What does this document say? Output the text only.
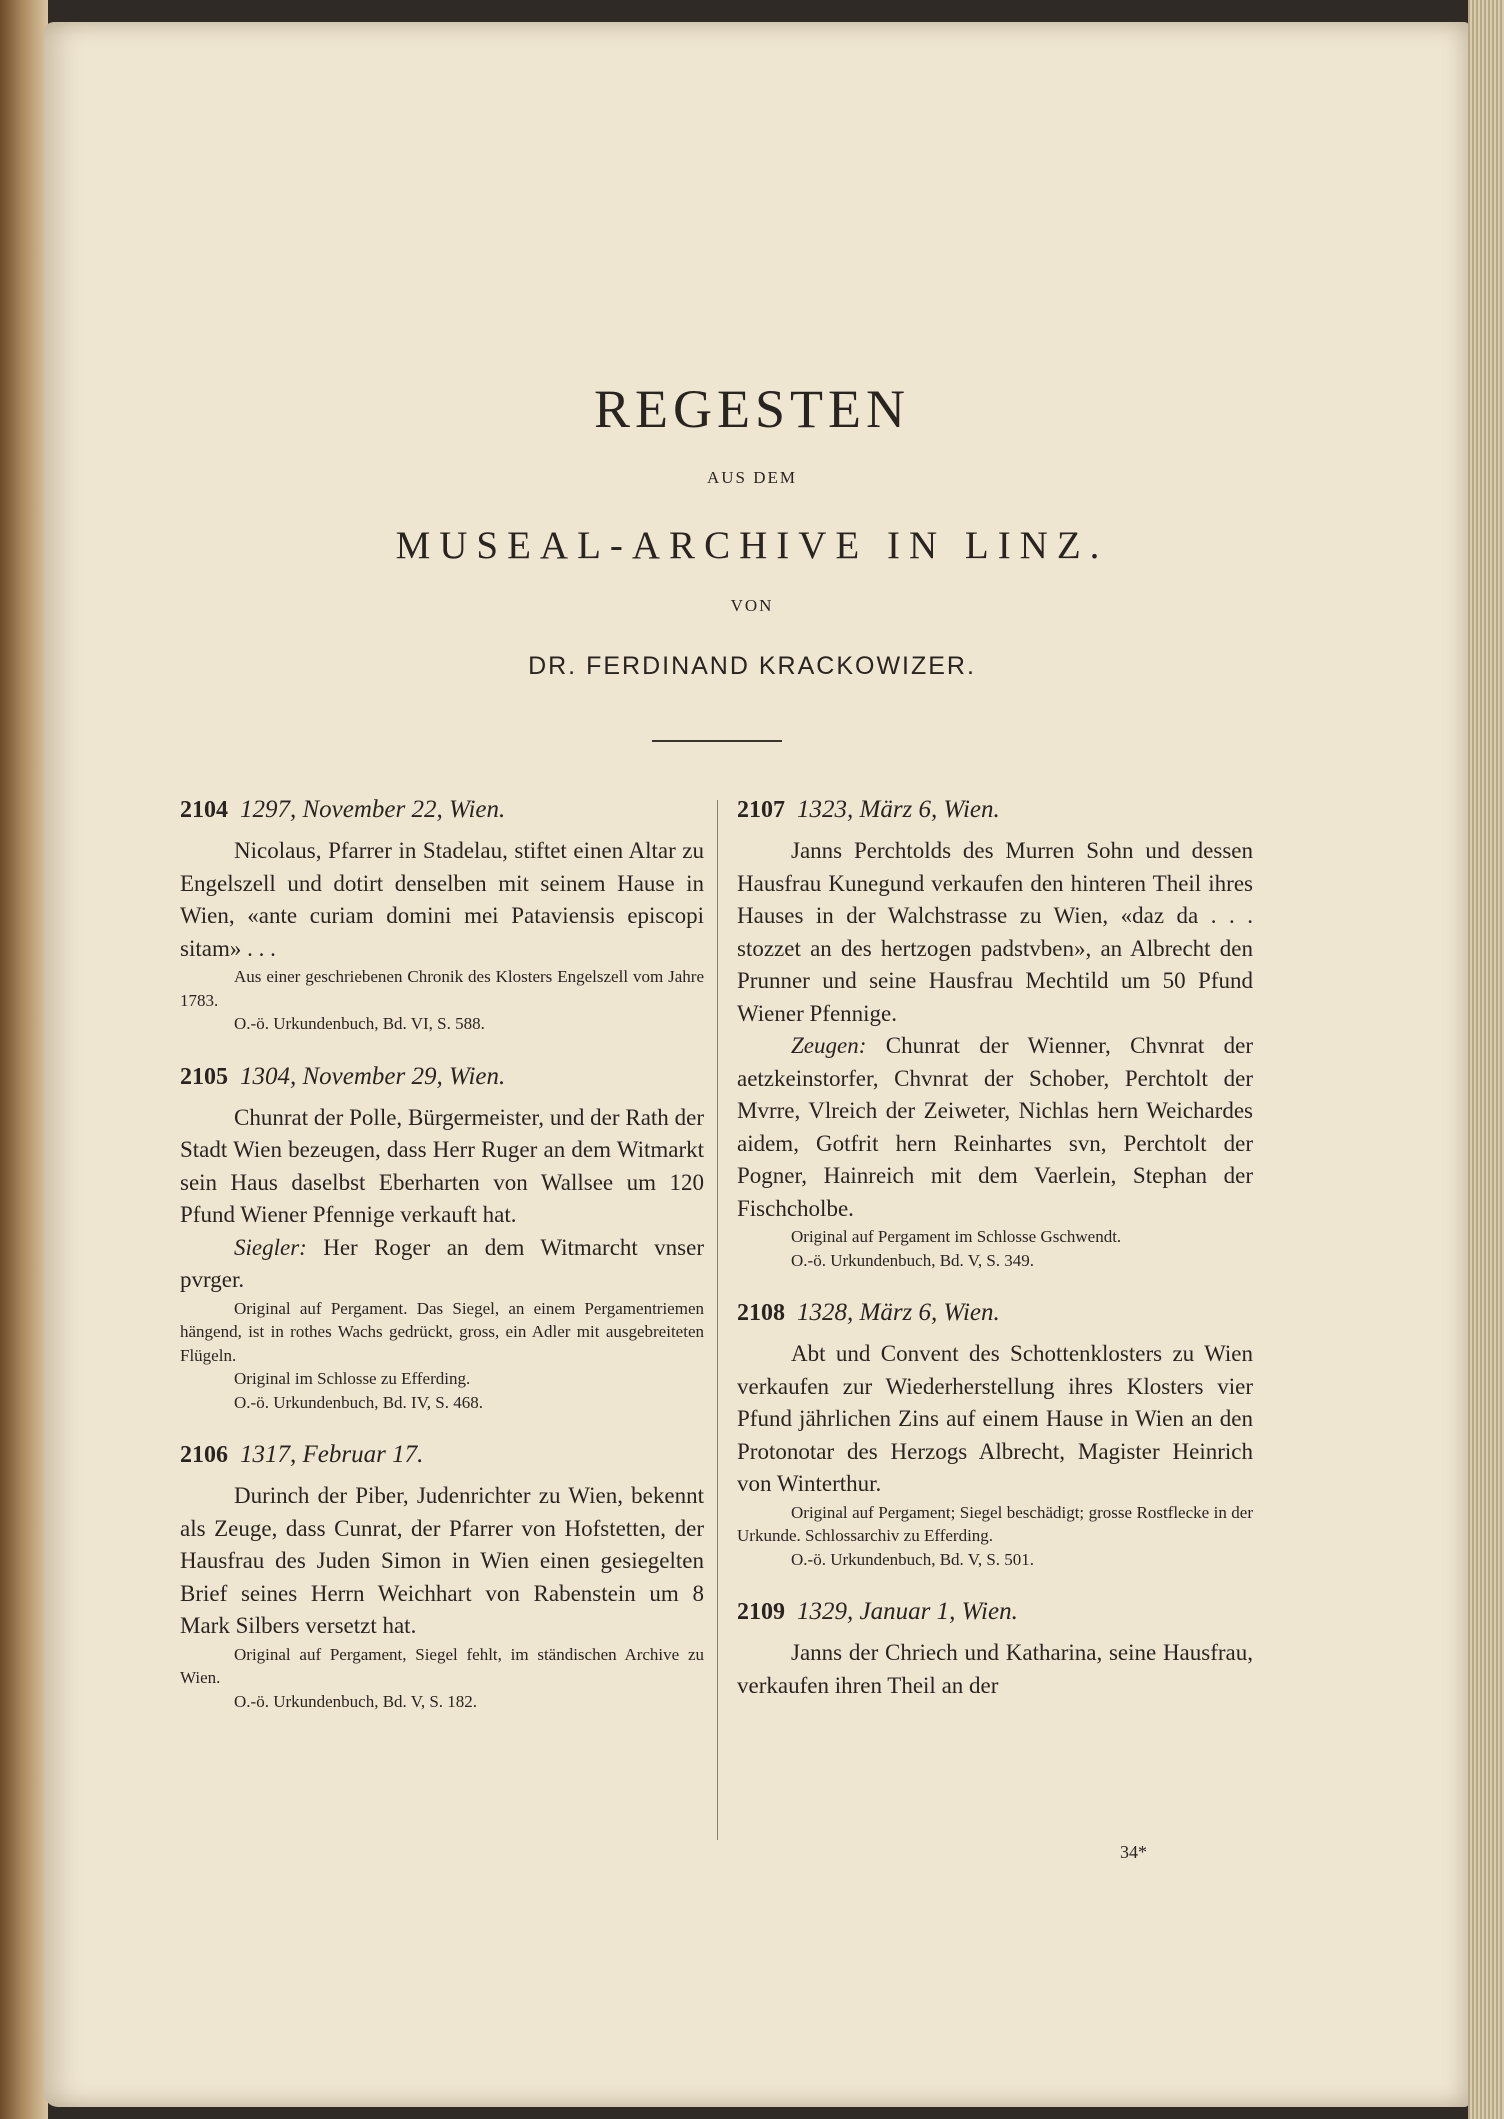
REGESTEN
AUS DEM
MUSEAL-ARCHIVE IN LINZ.
VON
DR. FERDINAND KRACKOWIZER.
2104 1297, November 22, Wien.

Nicolaus, Pfarrer in Stadelau, stiftet einen Altar zu Engelszell und dotirt denselben mit seinem Hause in Wien, «ante curiam domini mei Pataviensis episcopi sitam» . . .

Aus einer geschriebenen Chronik des Klosters Engelszell vom Jahre 1783.

O.-ö. Urkundenbuch, Bd. VI, S. 588.

2105 1304, November 29, Wien.

Chunrat der Polle, Bürgermeister, und der Rath der Stadt Wien bezeugen, dass Herr Ruger an dem Witmarkt sein Haus daselbst Eberharten von Wallsee um 120 Pfund Wiener Pfennige verkauft hat.

Siegler: Her Roger an dem Witmarcht vnser pvrger.

Original auf Pergament. Das Siegel, an einem Pergamentriemen hängend, ist in rothes Wachs gedrückt, gross, ein Adler mit ausgebreiteten Flügeln.

Original im Schlosse zu Efferding.

O.-ö. Urkundenbuch, Bd. IV, S. 468.

2106 1317, Februar 17.

Durinch der Piber, Judenrichter zu Wien, bekennt als Zeuge, dass Cunrat, der Pfarrer von Hofstetten, der Hausfrau des Juden Simon in Wien einen gesiegelten Brief seines Herrn Weichhart von Rabenstein um 8 Mark Silbers versetzt hat.

Original auf Pergament, Siegel fehlt, im ständischen Archive zu Wien.

O.-ö. Urkundenbuch, Bd. V, S. 182.

2107 1323, März 6, Wien.

Janns Perchtolds des Murren Sohn und dessen Hausfrau Kunegund verkaufen den hinteren Theil ihres Hauses in der Walchstrasse zu Wien, «daz da . . . stozzet an des hertzogen padstvben», an Albrecht den Prunner und seine Hausfrau Mechtild um 50 Pfund Wiener Pfennige.

Zeugen: Chunrat der Wienner, Chvnrat der aetzkeinstorfer, Chvnrat der Schober, Perchtolt der Mvrre, Vlreich der Zeiweter, Nichlas hern Weichardes aidem, Gotfrit hern Reinhartes svn, Perchtolt der Pogner, Hainreich mit dem Vaerlein, Stephan der Fischcholbe.

Original auf Pergament im Schlosse Gschwendt.

O.-ö. Urkundenbuch, Bd. V, S. 349.

2108 1328, März 6, Wien.

Abt und Convent des Schottenklosters zu Wien verkaufen zur Wiederherstellung ihres Klosters vier Pfund jährlichen Zins auf einem Hause in Wien an den Protonotar des Herzogs Albrecht, Magister Heinrich von Winterthur.

Original auf Pergament; Siegel beschädigt; grosse Rostflecke in der Urkunde. Schlossarchiv zu Efferding.

O.-ö. Urkundenbuch, Bd. V, S. 501.

2109 1329, Januar 1, Wien.

Janns der Chriech und Katharina, seine Hausfrau, verkaufen ihren Theil an der

34*
